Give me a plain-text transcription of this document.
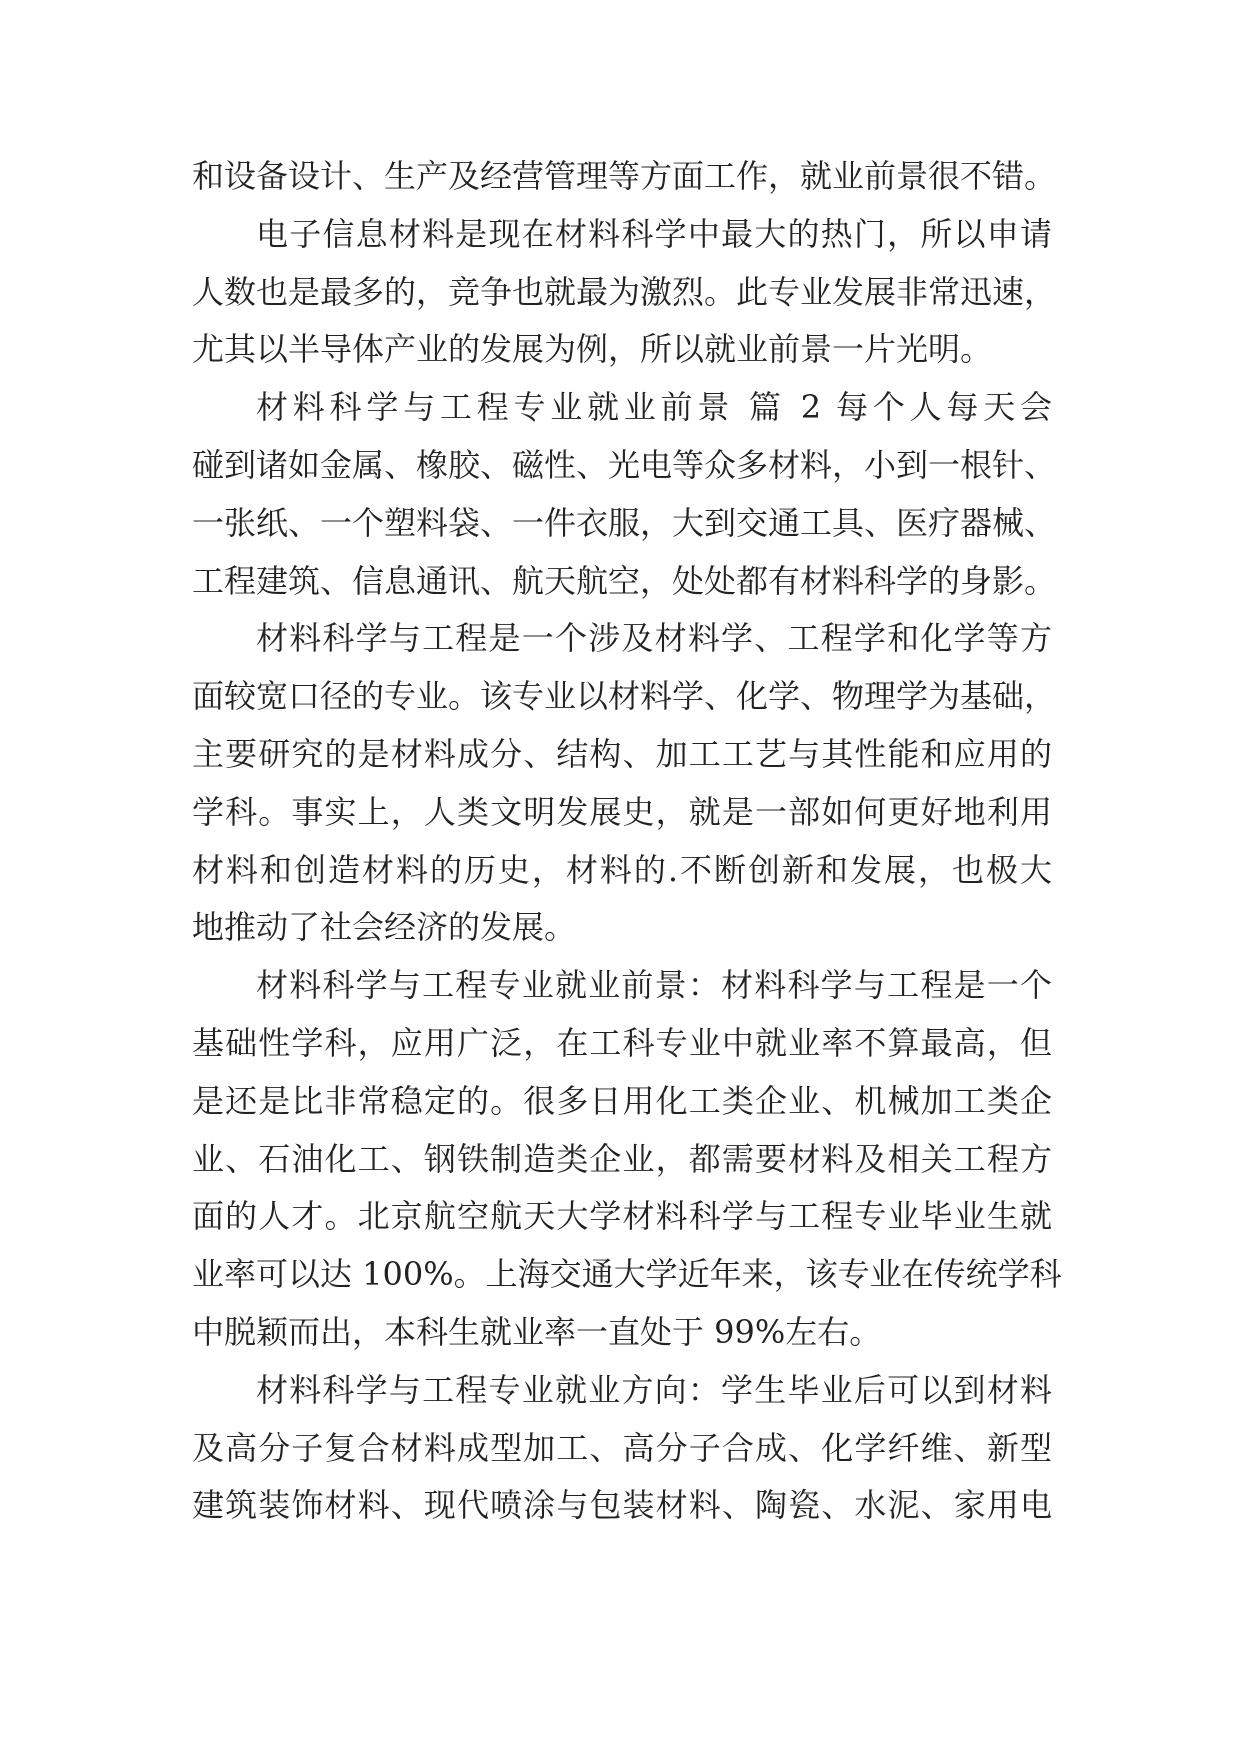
和设备设计、生产及经营管理等方面工作，就业前景很不错。
电子信息材料是现在材料科学中最大的热门，所以申请
人数也是最多的，竞争也就最为激烈。此专业发展非常迅速，
尤其以半导体产业的发展为例，所以就业前景一片光明。
材料科学与工程专业就业前景 篇 2 每个人每天会
碰到诸如金属、橡胶、磁性、光电等众多材料，小到一根针、
一张纸、一个塑料袋、一件衣服，大到交通工具、医疗器械、
工程建筑、信息通讯、航天航空，处处都有材料科学的身影。
材料科学与工程是一个涉及材料学、工程学和化学等方
面较宽口径的专业。该专业以材料学、化学、物理学为基础，
主要研究的是材料成分、结构、加工工艺与其性能和应用的
学科。事实上，人类文明发展史，就是一部如何更好地利用
材料和创造材料的历史，材料的.不断创新和发展，也极大
地推动了社会经济的发展。
材料科学与工程专业就业前景：材料科学与工程是一个
基础性学科，应用广泛，在工科专业中就业率不算最高，但
是还是比非常稳定的。很多日用化工类企业、机械加工类企
业、石油化工、钢铁制造类企业，都需要材料及相关工程方
面的人才。北京航空航天大学材料科学与工程专业毕业生就
业率可以达 100%。上海交通大学近年来，该专业在传统学科
中脱颖而出，本科生就业率一直处于 99%左右。
材料科学与工程专业就业方向：学生毕业后可以到材料
及高分子复合材料成型加工、高分子合成、化学纤维、新型
建筑装饰材料、现代喷涂与包装材料、陶瓷、水泥、家用电
